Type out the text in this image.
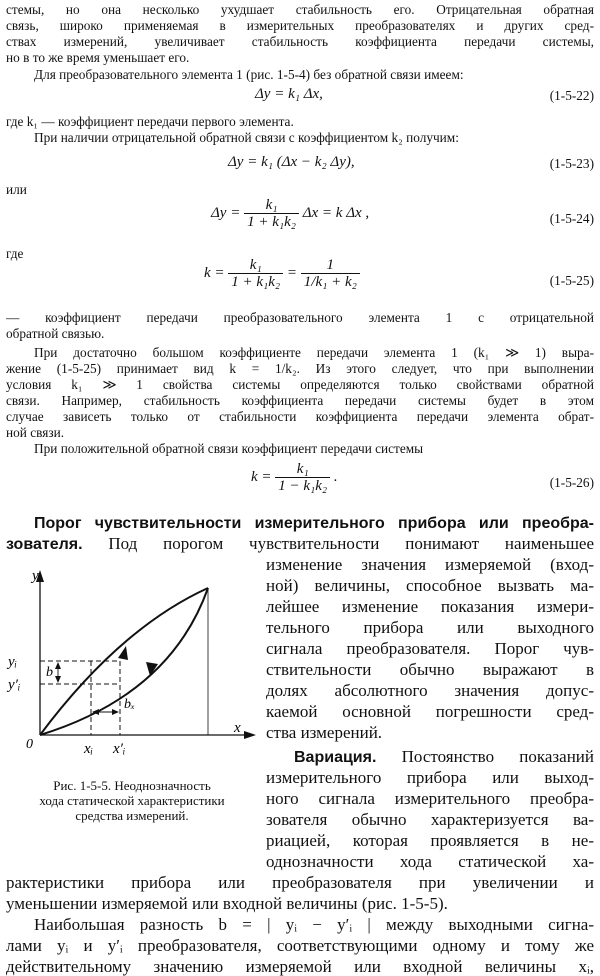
стемы, но она несколько ухудшает стабильность его. Отрицательная обратная
связь, широко применяемая в измерительных преобразователях и других сред-
ствах измерений, увеличивает стабильность коэффициента передачи системы,
но в то же время уменьшает его.
Для преобразовательного элемента 1 (рис. 1-5-4) без обратной связи имеем:
Δy = k₁ Δx,	(1-5-22)
где k₁ — коэффициент передачи первого элемента.
При наличии отрицательной обратной связи с коэффициентом k₂ получим:
Δy = k₁ (Δx − k₂ Δy),	(1-5-23)
или
$\Delta y = \frac{\text{k₁}}{\text{1 + k₁k₂}}$ Δx = k Δx ,	(1-5-24)
где
$k = \frac{\text{k₁}}{\text{1 + k₁k₂}} = \frac{1}{\text{1/k₁ + k₂}}$	(1-5-25)
— коэффициент передачи преобразовательного элемента 1 с отрицательной
обратной связью.
При достаточно большом коэффициенте передачи элемента 1 (k₁ ≫ 1) выра-
жение (1-5-25) принимает вид k = 1/k₂. Из этого следует, что при выполнении
условия k₁ ≫ 1 свойства системы определяются только свойствами обратной
связи. Например, стабильность коэффициента передачи системы будет в этом
случае зависеть только от стабильности коэффициента передачи элемента обрат-
ной связи.
При положительной обратной связи коэффициент передачи системы
$k = \frac{\text{k₁}}{\text{1 − k₁k₂}}$ .	(1-5-26)
Порог чувствительности измерительного прибора или преобра-
зователя. Под порогом чувствительности понимают наименьшее
изменение значения измеряемой (вход-
ной) величины, способное вызвать ма-
лейшее изменение показания измери-
тельного прибора или выходного
сигнала преобразователя. Порог чув-
ствительности обычно выражают в
долях абсолютного значения допус-
каемой основной погрешности сред-
ства измерений.
Вариация. Постоянство показаний
измерительного прибора или выход-
ного сигнала измерительного преобра-
зователя обычно характеризуется ва-
риацией, которая проявляется в не-
однозначности хода статической ха-
рактеристики прибора или преобразователя при увеличении и
уменьшении измеряемой или входной величины (рис. 1-5-5).
Наибольшая разность b = | yᵢ − y′ᵢ | между выходными сигна-
лами yᵢ и y′ᵢ преобразователя, соответствующими одному и тому же
действительному значению измеряемой или входной величины xᵢ,
y
x
0
yᵢ
y′ᵢ
b
bₓ
xᵢ x′ᵢ
Рис. 1-5-5. Неоднозначность
хода статической характеристики
средства измерений.
